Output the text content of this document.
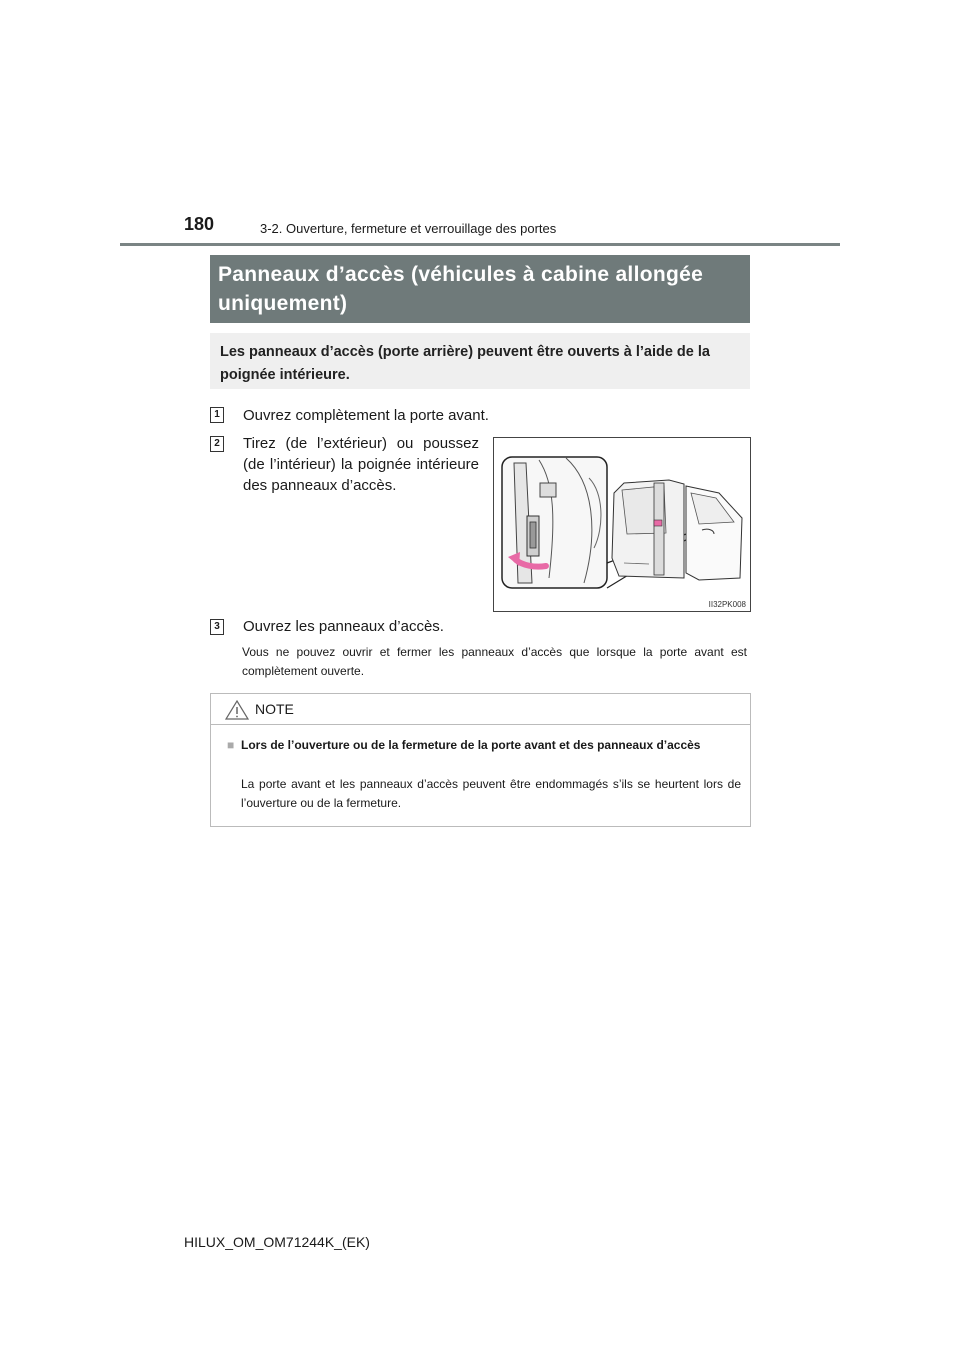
180	3-2. Ouverture, fermeture et verrouillage des portes
Panneaux d’accès (véhicules à cabine allongée uniquement)
Les panneaux d’accès (porte arrière) peuvent être ouverts à l’aide de la poignée intérieure.
1 Ouvrez complètement la porte avant.
2 Tirez (de l’extérieur) ou poussez (de l’intérieur) la poignée intérieure des panneaux d’accès.
II32PK008
3 Ouvrez les panneaux d’accès.
Vous ne pouvez ouvrir et fermer les panneaux d’accès que lorsque la porte avant est complètement ouverte.
NOTE
■ Lors de l’ouverture ou de la fermeture de la porte avant et des panneaux d’accès
La porte avant et les panneaux d’accès peuvent être endommagés s’ils se heurtent lors de l’ouverture ou de la fermeture.
HILUX_OM_OM71244K_(EK)
